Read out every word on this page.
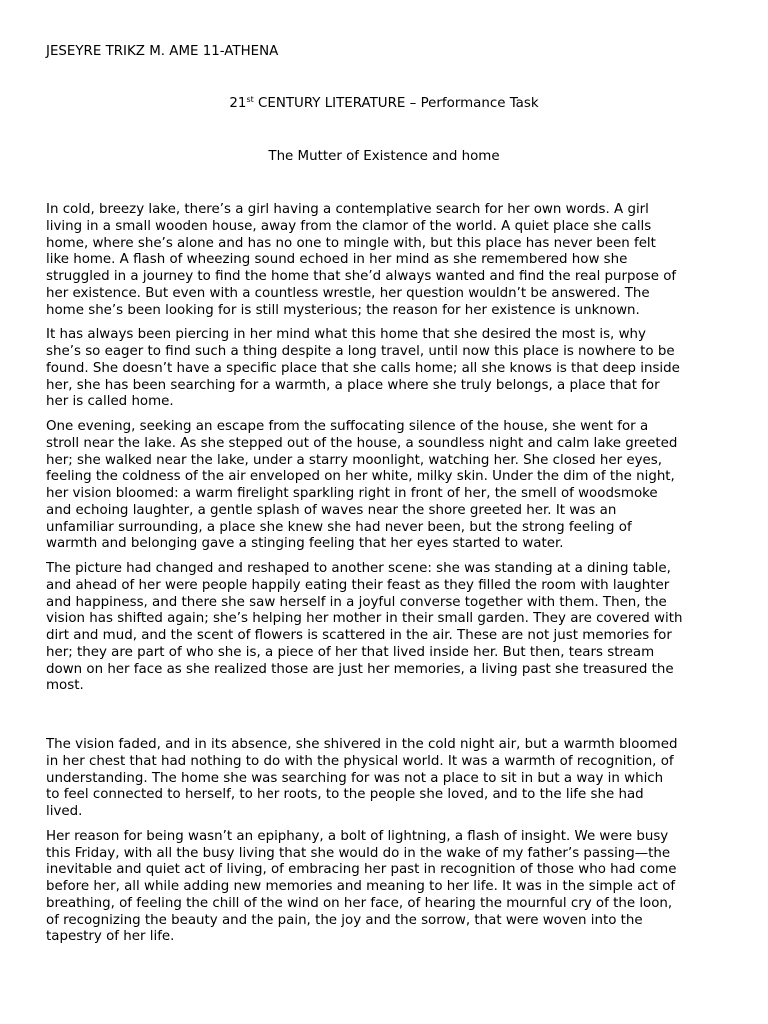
JESEYRE TRIKZ M. AME 11-ATHENA
21st CENTURY LITERATURE – Performance Task
The Mutter of Existence and home

In cold, breezy lake, there’s a girl having a contemplative search for her own words. A girl
living in a small wooden house, away from the clamor of the world. A quiet place she calls
home, where she’s alone and has no one to mingle with, but this place has never been felt
like home. A flash of wheezing sound echoed in her mind as she remembered how she
struggled in a journey to find the home that she’d always wanted and find the real purpose of
her existence. But even with a countless wrestle, her question wouldn’t be answered. The
home she’s been looking for is still mysterious; the reason for her existence is unknown.

It has always been piercing in her mind what this home that she desired the most is, why
she’s so eager to find such a thing despite a long travel, until now this place is nowhere to be
found. She doesn’t have a specific place that she calls home; all she knows is that deep inside
her, she has been searching for a warmth, a place where she truly belongs, a place that for
her is called home.

One evening, seeking an escape from the suffocating silence of the house, she went for a
stroll near the lake. As she stepped out of the house, a soundless night and calm lake greeted
her; she walked near the lake, under a starry moonlight, watching her. She closed her eyes,
feeling the coldness of the air enveloped on her white, milky skin. Under the dim of the night,
her vision bloomed: a warm firelight sparkling right in front of her, the smell of woodsmoke
and echoing laughter, a gentle splash of waves near the shore greeted her. It was an
unfamiliar surrounding, a place she knew she had never been, but the strong feeling of
warmth and belonging gave a stinging feeling that her eyes started to water.

The picture had changed and reshaped to another scene: she was standing at a dining table,
and ahead of her were people happily eating their feast as they filled the room with laughter
and happiness, and there she saw herself in a joyful converse together with them. Then, the
vision has shifted again; she’s helping her mother in their small garden. They are covered with
dirt and mud, and the scent of flowers is scattered in the air. These are not just memories for
her; they are part of who she is, a piece of her that lived inside her. But then, tears stream
down on her face as she realized those are just her memories, a living past she treasured the
most.

The vision faded, and in its absence, she shivered in the cold night air, but a warmth bloomed
in her chest that had nothing to do with the physical world. It was a warmth of recognition, of
understanding. The home she was searching for was not a place to sit in but a way in which
to feel connected to herself, to her roots, to the people she loved, and to the life she had
lived.

Her reason for being wasn’t an epiphany, a bolt of lightning, a flash of insight. We were busy
this Friday, with all the busy living that she would do in the wake of my father’s passing—the
inevitable and quiet act of living, of embracing her past in recognition of those who had come
before her, all while adding new memories and meaning to her life. It was in the simple act of
breathing, of feeling the chill of the wind on her face, of hearing the mournful cry of the loon,
of recognizing the beauty and the pain, the joy and the sorrow, that were woven into the
tapestry of her life.
